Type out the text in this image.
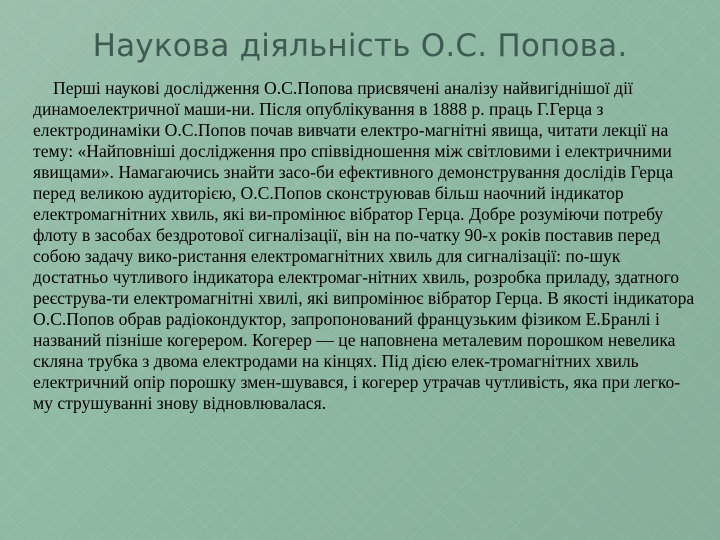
Наукова діяльність О.С. Попова.

Перші наукові дослідження О.С.Попова присвячені аналізу найвигіднішої дії динамоелектричної маши-ни. Після опублікування в 1888 р. праць Г.Герца з електродинаміки О.С.Попов почав вивчати електро-магнітні явища, читати лекції на тему: «Найповніші дослідження про співвідношення між світловими і електричними явищами». Намагаючись знайти засо-би ефективного демонстрування дослідів Герца перед великою аудиторією, О.С.Попов сконструював більш наочний індикатор електромагнітних хвиль, які ви-промінює вібратор Герца. Добре розуміючи потребу флоту в засобах бездротової сигналізації, він на по-чатку 90-х років поставив перед собою задачу вико-ристання електромагнітних хвиль для сигналізації: по-шук достатньо чутливого індикатора електромаг-нітних хвиль, розробка приладу, здатного реєструва-ти електромагнітні хвилі, які випромінює вібратор Герца. В якості індикатора О.С.Попов обрав радіокондуктор, запропонований французьким фізиком Е.Бранлі і названий пізніше когерером. Когерер — це наповнена металевим порошком невелика скляна трубка з двома електродами на кінцях. Під дією елек-тромагнітних хвиль електричний опір порошку змен-шувався, і когерер утрачав чутливість, яка при легко-му струшуванні знову відновлювалася.
